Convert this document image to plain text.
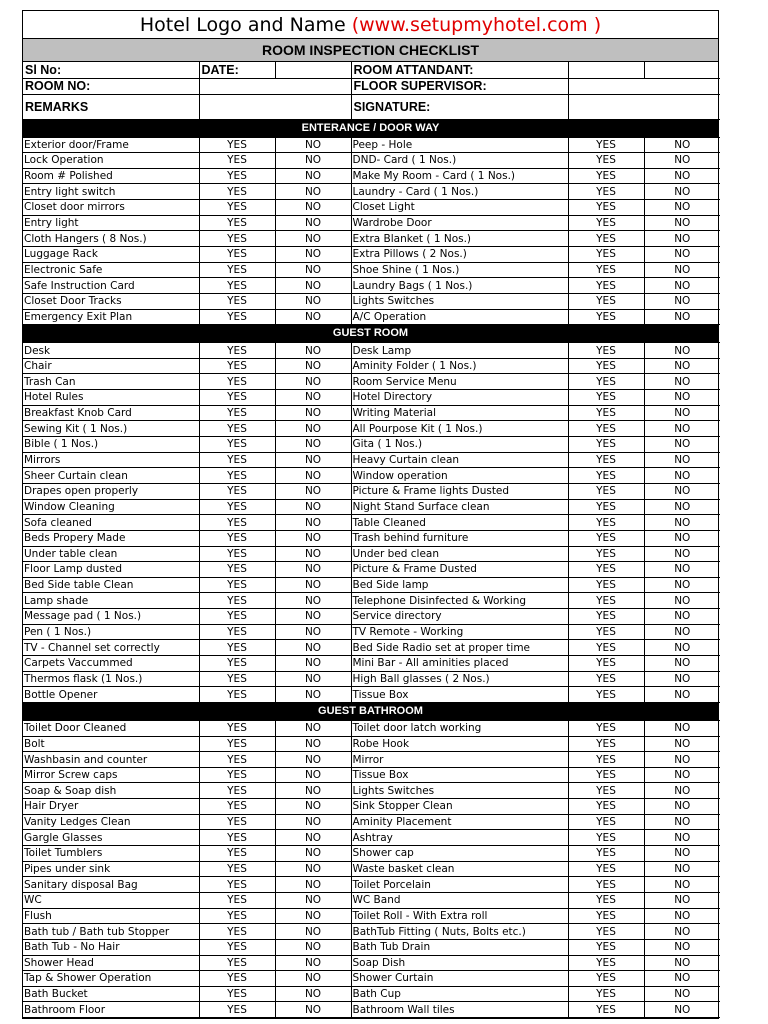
Hotel Logo and Name
(www.setupmyhotel.com )
ROOM INSPECTION CHECKLIST
Sl No:	DATE:		ROOM ATTANDANT:		
ROOM NO:			FLOOR SUPERVISOR:		
REMARKS			SIGNATURE:		
ENTERANCE / DOOR WAY
Exterior door/Frame	YES	NO	Peep - Hole	YES	NO
Lock Operation	YES	NO	DND- Card ( 1 Nos.)	YES	NO
Room # Polished	YES	NO	Make My Room - Card ( 1 Nos.)	YES	NO
Entry light switch	YES	NO	Laundry - Card ( 1 Nos.)	YES	NO
Closet door mirrors	YES	NO	Closet Light	YES	NO
Entry light	YES	NO	Wardrobe Door	YES	NO
Cloth Hangers ( 8 Nos.)	YES	NO	Extra Blanket ( 1 Nos.)	YES	NO
Luggage Rack	YES	NO	Extra Pillows ( 2 Nos.)	YES	NO
Electronic Safe	YES	NO	Shoe Shine ( 1 Nos.)	YES	NO
Safe Instruction Card	YES	NO	Laundry Bags ( 1 Nos.)	YES	NO
Closet Door Tracks	YES	NO	Lights Switches	YES	NO
Emergency Exit Plan	YES	NO	A/C Operation	YES	NO
GUEST ROOM
Desk	YES	NO	Desk Lamp	YES	NO
Chair	YES	NO	Aminity Folder ( 1 Nos.)	YES	NO
Trash Can	YES	NO	Room Service Menu	YES	NO
Hotel Rules	YES	NO	Hotel Directory	YES	NO
Breakfast Knob Card	YES	NO	Writing Material	YES	NO
Sewing Kit ( 1 Nos.)	YES	NO	All Pourpose Kit ( 1 Nos.)	YES	NO
Bible ( 1 Nos.)	YES	NO	Gita ( 1 Nos.)	YES	NO
Mirrors	YES	NO	Heavy Curtain clean	YES	NO
Sheer Curtain clean	YES	NO	Window operation	YES	NO
Drapes open properly	YES	NO	Picture & Frame lights Dusted	YES	NO
Window Cleaning	YES	NO	Night Stand Surface clean	YES	NO
Sofa cleaned	YES	NO	Table Cleaned	YES	NO
Beds Propery Made	YES	NO	Trash behind furniture	YES	NO
Under table clean	YES	NO	Under bed clean	YES	NO
Floor Lamp dusted	YES	NO	Picture & Frame Dusted	YES	NO
Bed Side table Clean	YES	NO	Bed Side lamp	YES	NO
Lamp shade	YES	NO	Telephone Disinfected & Working	YES	NO
Message pad ( 1 Nos.)	YES	NO	Service directory	YES	NO
Pen ( 1 Nos.)	YES	NO	TV Remote - Working	YES	NO
TV - Channel set correctly	YES	NO	Bed Side Radio set at proper time	YES	NO
Carpets Vaccummed	YES	NO	Mini Bar - All aminities placed	YES	NO
Thermos flask (1 Nos.)	YES	NO	High Ball glasses ( 2 Nos.)	YES	NO
Bottle Opener	YES	NO	Tissue Box	YES	NO
GUEST BATHROOM
Toilet Door Cleaned	YES	NO	Toilet door latch working	YES	NO
Bolt	YES	NO	Robe Hook	YES	NO
Washbasin and counter	YES	NO	Mirror	YES	NO
Mirror Screw caps	YES	NO	Tissue Box	YES	NO
Soap & Soap dish	YES	NO	Lights Switches	YES	NO
Hair Dryer	YES	NO	Sink Stopper Clean	YES	NO
Vanity Ledges Clean	YES	NO	Aminity Placement	YES	NO
Gargle Glasses	YES	NO	Ashtray	YES	NO
Toilet Tumblers	YES	NO	Shower cap	YES	NO
Pipes under sink	YES	NO	Waste basket clean	YES	NO
Sanitary disposal Bag	YES	NO	Toilet Porcelain	YES	NO
WC	YES	NO	WC Band	YES	NO
Flush	YES	NO	Toilet Roll - With Extra roll	YES	NO
Bath tub / Bath tub Stopper	YES	NO	BathTub Fitting ( Nuts, Bolts etc.)	YES	NO
Bath Tub - No Hair	YES	NO	Bath Tub Drain	YES	NO
Shower Head	YES	NO	Soap Dish	YES	NO
Tap & Shower Operation	YES	NO	Shower Curtain	YES	NO
Bath Bucket	YES	NO	Bath Cup	YES	NO
Bathroom Floor	YES	NO	Bathroom Wall tiles	YES	NO
